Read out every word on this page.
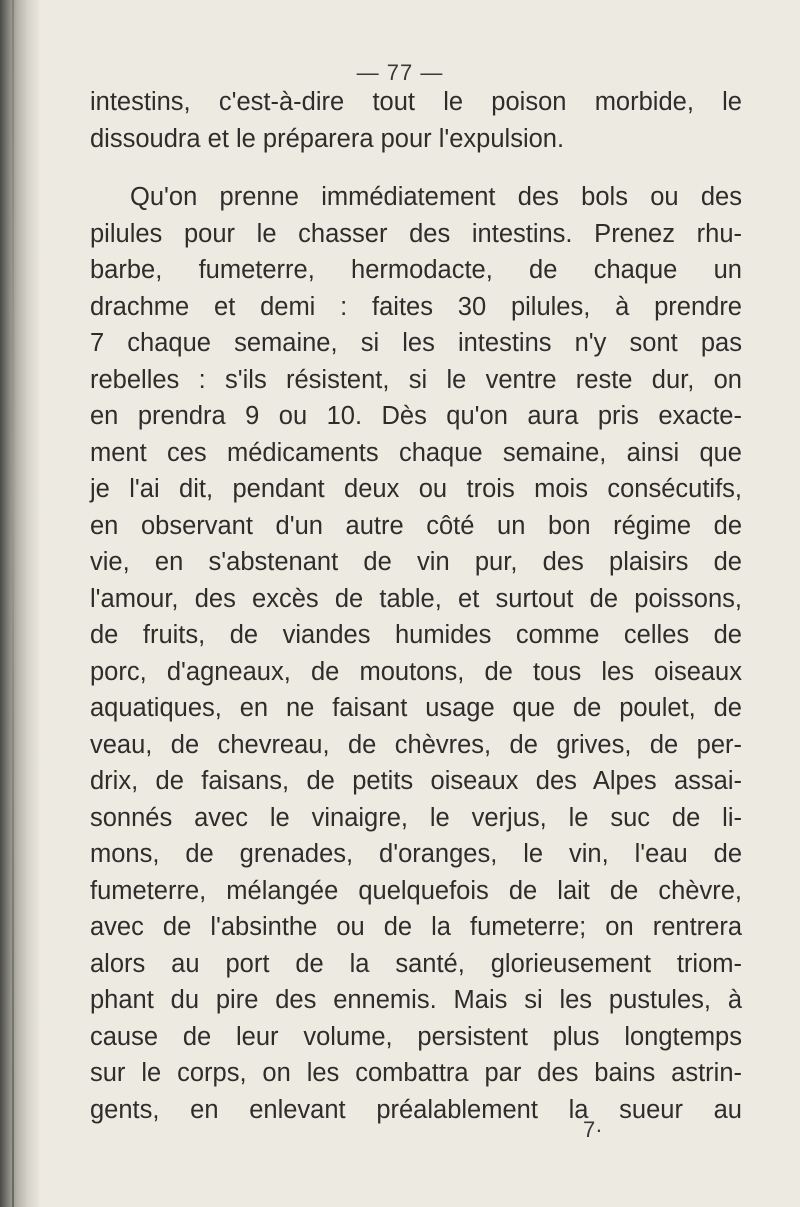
— 77 —
intestins, c'est-à-dire tout le poison morbide, le
dissoudra et le préparera pour l'expulsion.
Qu'on prenne immédiatement des bols ou des
pilules pour le chasser des intestins. Prenez rhu-
barbe, fumeterre, hermodacte, de chaque un
drachme et demi : faites 30 pilules, à prendre
7 chaque semaine, si les intestins n'y sont pas
rebelles : s'ils résistent, si le ventre reste dur, on
en prendra 9 ou 10. Dès qu'on aura pris exacte-
ment ces médicaments chaque semaine, ainsi que
je l'ai dit, pendant deux ou trois mois consécutifs,
en observant d'un autre côté un bon régime de
vie, en s'abstenant de vin pur, des plaisirs de
l'amour, des excès de table, et surtout de poissons,
de fruits, de viandes humides comme celles de
porc, d'agneaux, de moutons, de tous les oiseaux
aquatiques, en ne faisant usage que de poulet, de
veau, de chevreau, de chèvres, de grives, de per-
drix, de faisans, de petits oiseaux des Alpes assai-
sonnés avec le vinaigre, le verjus, le suc de li-
mons, de grenades, d'oranges, le vin, l'eau de
fumeterre, mélangée quelquefois de lait de chèvre,
avec de l'absinthe ou de la fumeterre; on rentrera
alors au port de la santé, glorieusement triom-
phant du pire des ennemis. Mais si les pustules, à
cause de leur volume, persistent plus longtemps
sur le corps, on les combattra par des bains astrin-
gents, en enlevant préalablement la sueur au
7·
